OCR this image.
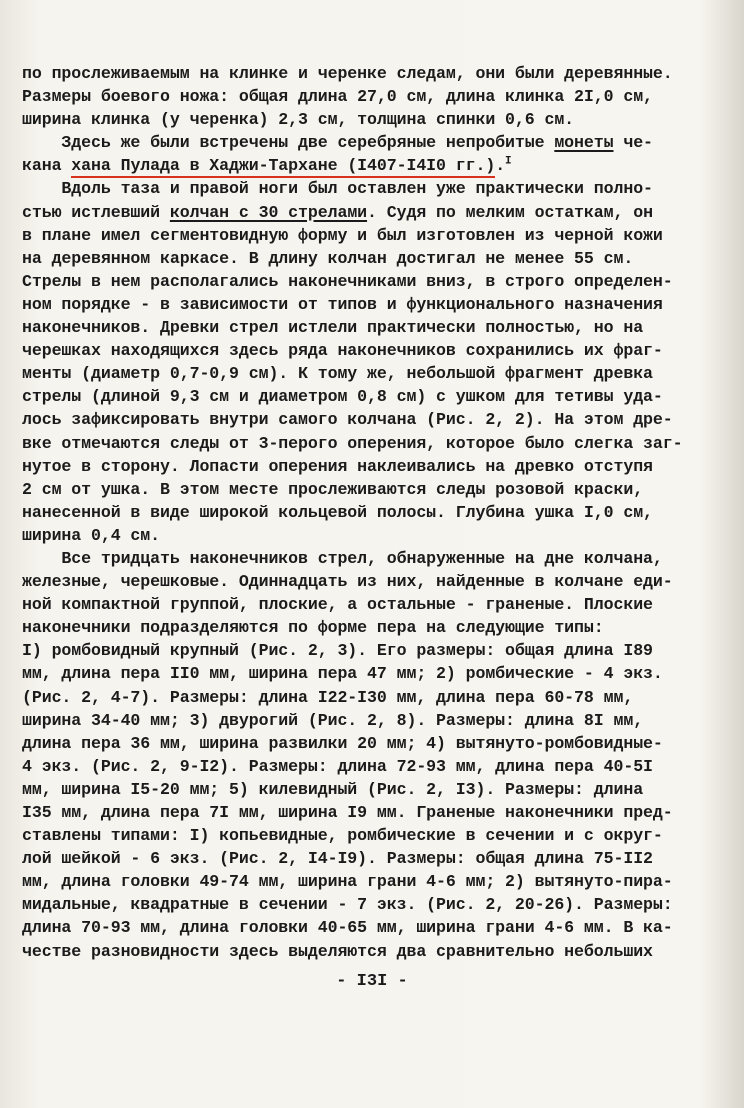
по прослеживаемым на клинке и черенке следам, они были деревянные.
Размеры боевого ножа: общая длина 27,0 см, длина клинка 2I,0 см,
ширина клинка (у черенка) 2,3 см, толщина спинки 0,6 см.
Здесь же были встречены две серебряные непробитые монеты че-
кана хана Пулада в Хаджи-Тархане (I407-I4I0 гг.).$^I$
Вдоль таза и правой ноги был оставлен уже практически полно-
стью истлевший колчан с 30 стрелами. Судя по мелким остаткам, он
в плане имел сегментовидную форму и был изготовлен из черной кожи
на деревянном каркасе. В длину колчан достигал не менее 55 см.
Стрелы в нем располагались наконечниками вниз, в строго определен-
ном порядке - в зависимости от типов и функционального назначения
наконечников. Древки стрел истлели практически полностью, но на
черешках находящихся здесь ряда наконечников сохранились их фраг-
менты (диаметр 0,7-0,9 см). К тому же, небольшой фрагмент древка
стрелы (длиной 9,3 см и диаметром 0,8 см) с ушком для тетивы уда-
лось зафиксировать внутри самого колчана (Рис. 2, 2). На этом дре-
вке отмечаются следы от 3-перого оперения, которое было слегка заг-
нутое в сторону. Лопасти оперения наклеивались на древко отступя
2 см от ушка. В этом месте прослеживаются следы розовой краски,
нанесенной в виде широкой кольцевой полосы. Глубина ушка I,0 см,
ширина 0,4 см.
Все тридцать наконечников стрел, обнаруженные на дне колчана,
железные, черешковые. Одиннадцать из них, найденные в колчане еди-
ной компактной группой, плоские, а остальные - граненые. Плоские
наконечники подразделяются по форме пера на следующие типы:
I) ромбовидный крупный (Рис. 2, 3). Его размеры: общая длина I89
мм, длина пера II0 мм, ширина пера 47 мм; 2) ромбические - 4 экз.
(Рис. 2, 4-7). Размеры: длина I22-I30 мм, длина пера 60-78 мм,
ширина 34-40 мм; 3) двурогий (Рис. 2, 8). Размеры: длина 8I мм,
длина пера 36 мм, ширина развилки 20 мм; 4) вытянуто-ромбовидные-
4 экз. (Рис. 2, 9-I2). Размеры: длина 72-93 мм, длина пера 40-5I
мм, ширина I5-20 мм; 5) килевидный (Рис. 2, I3). Размеры: длина
I35 мм, длина пера 7I мм, ширина I9 мм. Граненые наконечники пред-
ставлены типами: I) копьевидные, ромбические в сечении и с округ-
лой шейкой - 6 экз. (Рис. 2, I4-I9). Размеры: общая длина 75-II2
мм, длина головки 49-74 мм, ширина грани 4-6 мм; 2) вытянуто-пира-
мидальные, квадратные в сечении - 7 экз. (Рис. 2, 20-26). Размеры:
длина 70-93 мм, длина головки 40-65 мм, ширина грани 4-6 мм. В ка-
честве разновидности здесь выделяются два сравнительно небольших
- I3I -
